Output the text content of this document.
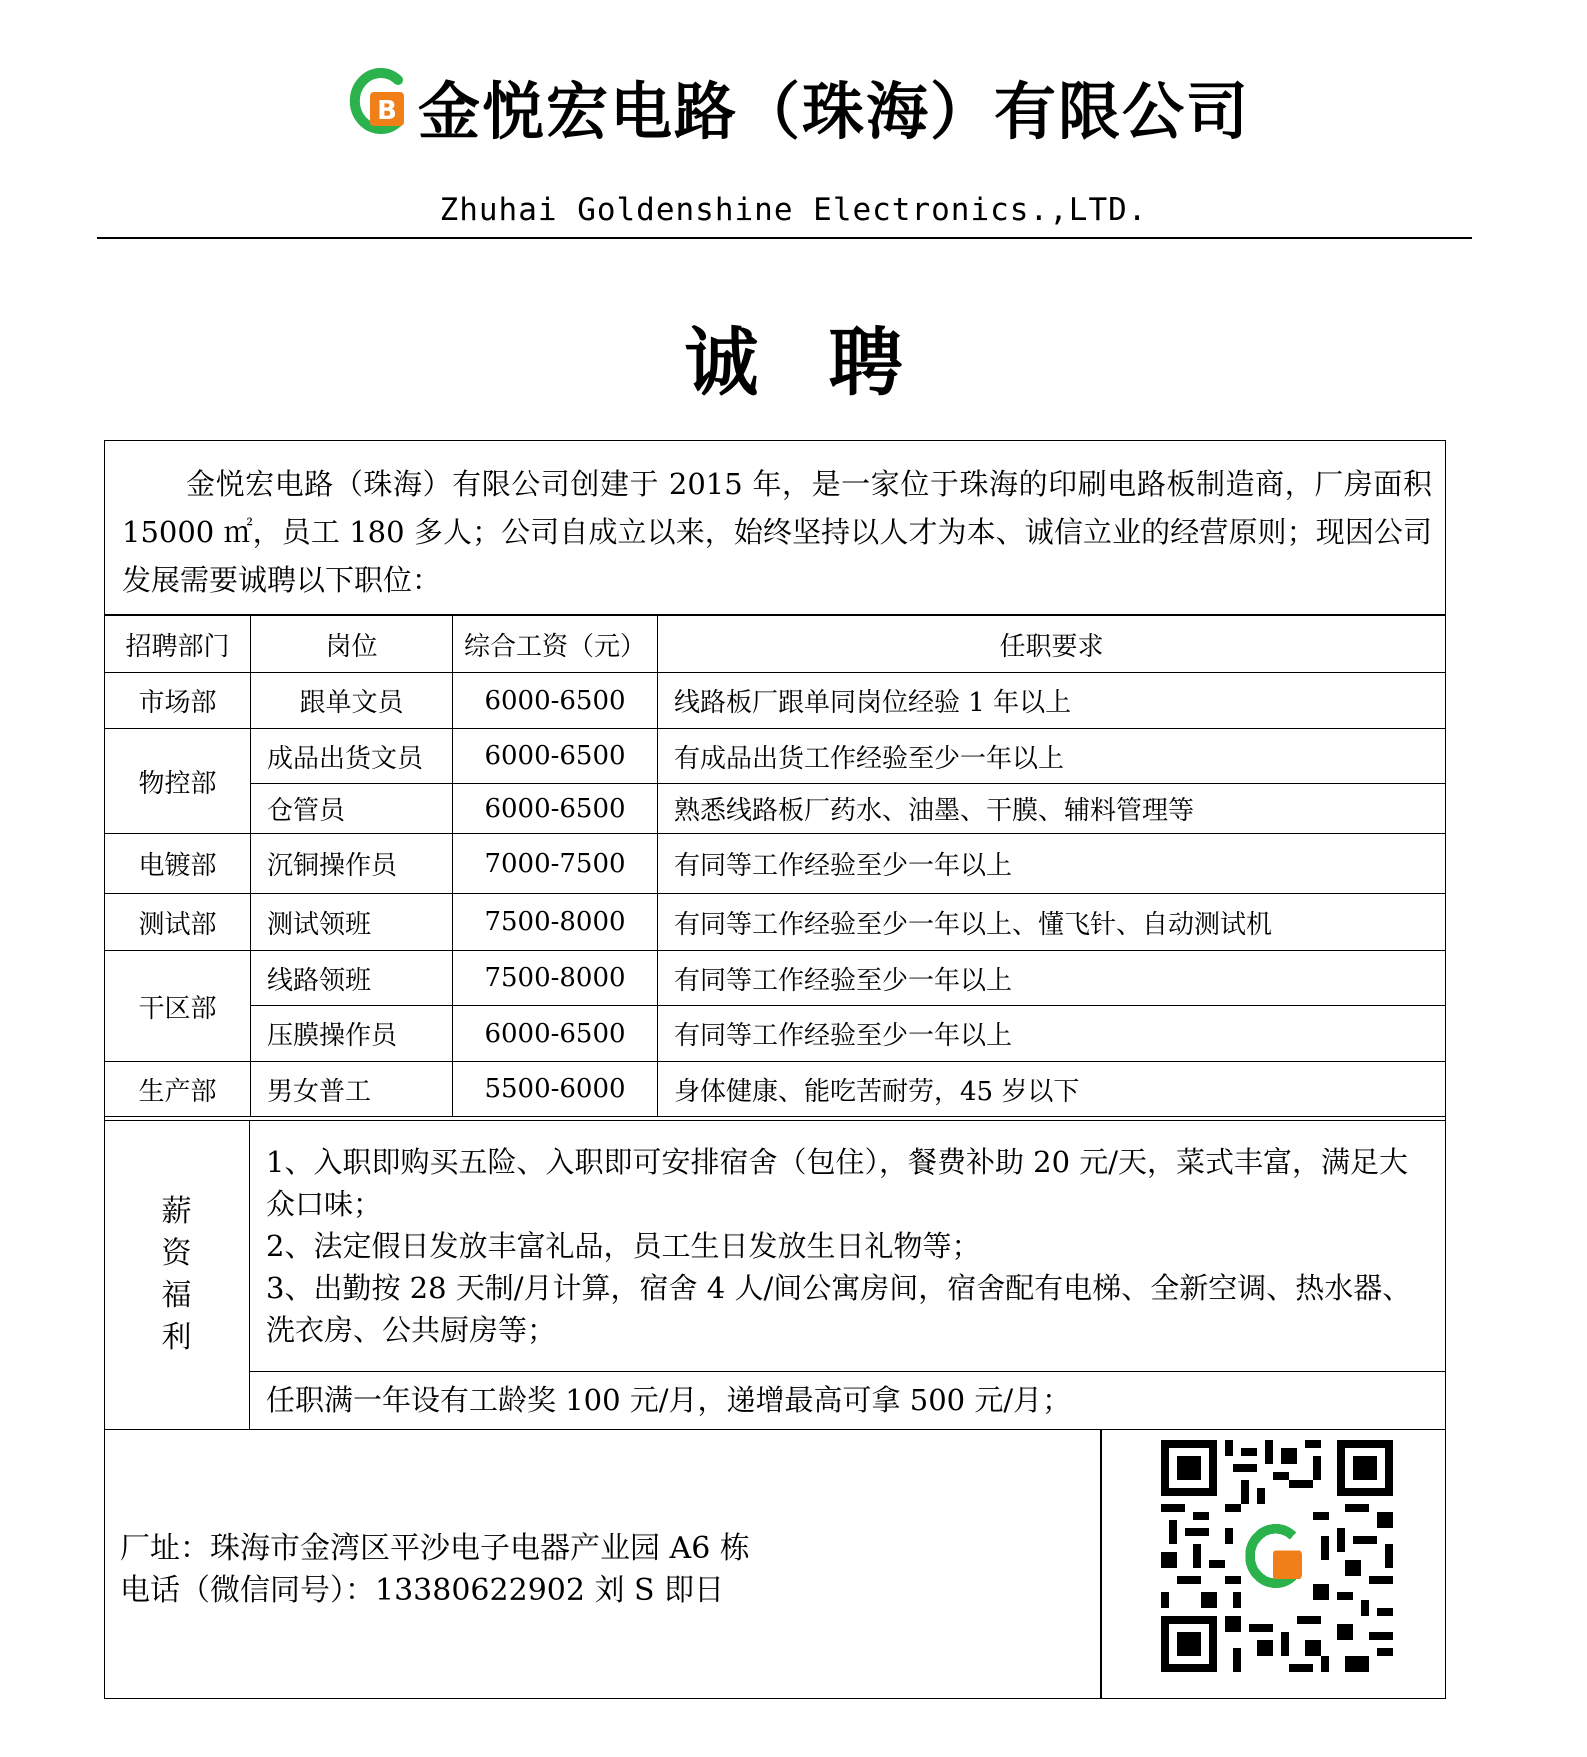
B 金悦宏电路（珠海）有限公司
Zhuhai Goldenshine Electronics.,LTD.
诚聘
金悦宏电路（珠海）有限公司创建于 2015 年，是一家位于珠海的印刷电路板制造商，厂房面积 15000 ㎡，员工 180 多人；公司自成立以来，始终坚持以人才为本、诚信立业的经营原则；现因公司发展需要诚聘以下职位：
招聘部门	岗位	综合工资（元）	任职要求
市场部	跟单文员	6000-6500	线路板厂跟单同岗位经验 1 年以上
物控部	成品出货文员	6000-6500	有成品出货工作经验至少一年以上
	仓管员	6000-6500	熟悉线路板厂药水、油墨、干膜、辅料管理等
电镀部	沉铜操作员	7000-7500	有同等工作经验至少一年以上
测试部	测试领班	7500-8000	有同等工作经验至少一年以上、懂飞针、自动测试机
干区部	线路领班	7500-8000	有同等工作经验至少一年以上
	压膜操作员	6000-6500	有同等工作经验至少一年以上
生产部	男女普工	5500-6000	身体健康、能吃苦耐劳，45 岁以下
薪
资
福
利

1、入职即购买五险、入职即可安排宿舍（包住），餐费补助 20 元/天，菜式丰富，满足大众口味；

2、法定假日发放丰富礼品，员工生日发放生日礼物等；

3、出勤按 28 天制/月计算，宿舍 4 人/间公寓房间，宿舍配有电梯、全新空调、热水器、洗衣房、公共厨房等；

任职满一年设有工龄奖 100 元/月，递增最高可拿 500 元/月；
厂址：珠海市金湾区平沙电子电器产业园 A6 栋
电话（微信同号）：13380622902 刘 S 即日
